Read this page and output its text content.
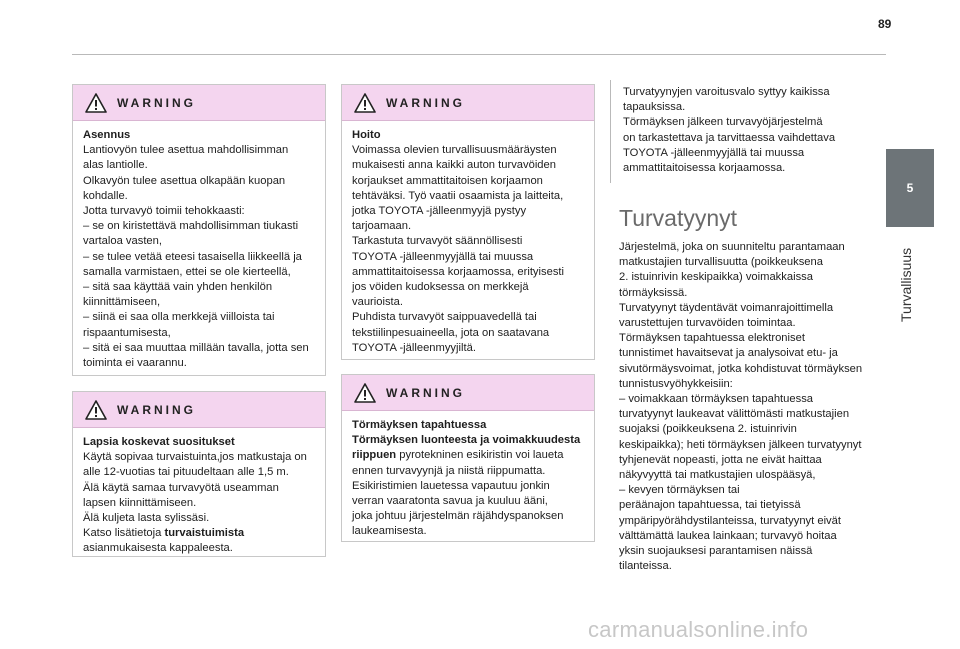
89
5
Turvallisuus
WARNING

Asennus

Lantiovyön tulee asettua mahdollisimman

alas lantiolle.

Olkavyön tulee asettua olkapään kuopan

kohdalle.

Jotta turvavyö toimii tehokkaasti:

– se on kiristettävä mahdollisimman tiukasti

vartaloa vasten,

– se tulee vetää eteesi tasaisella liikkeellä ja

samalla varmistaen, ettei se ole kierteellä,

– sitä saa käyttää vain yhden henkilön

kiinnittämiseen,

– siinä ei saa olla merkkejä viilloista tai

rispaantumisesta,

– sitä ei saa muuttaa millään tavalla, jotta sen

toiminta ei vaarannu.

WARNING

Lapsia koskevat suositukset

Käytä sopivaa turvaistuinta,jos matkustaja on

alle 12-vuotias tai pituudeltaan alle 1,5 m.

Älä käytä samaa turvavyötä useamman

lapsen kiinnittämiseen.

Älä kuljeta lasta sylissäsi.

Katso lisätietoja turvaistuimista

asianmukaisesta kappaleesta.

WARNING

Hoito

Voimassa olevien turvallisuusmääräysten

mukaisesti anna kaikki auton turvavöiden

korjaukset ammattitaitoisen korjaamon

tehtäväksi. Työ vaatii osaamista ja laitteita,

jotka TOYOTA -jälleenmyyjä pystyy

tarjoamaan.

Tarkastuta turvavyöt säännöllisesti

TOYOTA -jälleenmyyjällä tai muussa

ammattitaitoisessa korjaamossa, erityisesti

jos vöiden kudoksessa on merkkejä

vaurioista.

Puhdista turvavyöt saippuavedellä tai

tekstiilinpesuaineella, jota on saatavana

TOYOTA -jälleenmyyjiltä.

WARNING

Törmäyksen tapahtuessa

Törmäyksen luonteesta ja voimakkuudesta

riippuen pyrotekninen esikiristin voi laueta

ennen turvavyynjä ja niistä riippumatta.

Esikiristimien lauetessa vapautuu jonkin

verran vaaratonta savua ja kuuluu ääni,

joka johtuu järjestelmän räjähdyspanoksen

laukeamisesta.

Turvatyynyjen varoitusvalo syttyy kaikissa

tapauksissa.

Törmäyksen jälkeen turvavyöjärjestelmä

on tarkastettava ja tarvittaessa vaihdettava

TOYOTA -jälleenmyyjällä tai muussa

ammattitaitoisessa korjaamossa.

Turvatyynyt

Järjestelmä, joka on suunniteltu parantamaan

matkustajien turvallisuutta (poikkeuksena

2. istuinrivin keskipaikka) voimakkaissa

törmäyksissä.

Turvatyynyt täydentävät voimanrajoittimella

varustettujen turvavöiden toimintaa.

Törmäyksen tapahtuessa elektroniset

tunnistimet havaitsevat ja analysoivat etu- ja

sivutörmäysvoimat, jotka kohdistuvat törmäyksen

tunnistusvyöhykkeisiin:

– voimakkaan törmäyksen tapahtuessa

turvatyynyt laukeavat välittömästi matkustajien

suojaksi (poikkeuksena 2. istuinrivin

keskipaikka); heti törmäyksen jälkeen turvatyynyt

tyhjenevät nopeasti, jotta ne eivät haittaa

näkyvyyttä tai matkustajien ulospääsyä,

– kevyen törmäyksen tai

peräänajon tapahtuessa, tai tietyissä

ympäripyörähdystilanteissa, turvatyynyt eivät

välttämättä laukea lainkaan; turvavyö hoitaa

yksin suojauksesi parantamisen näissä

tilanteissa.

carmanualsonline.info
